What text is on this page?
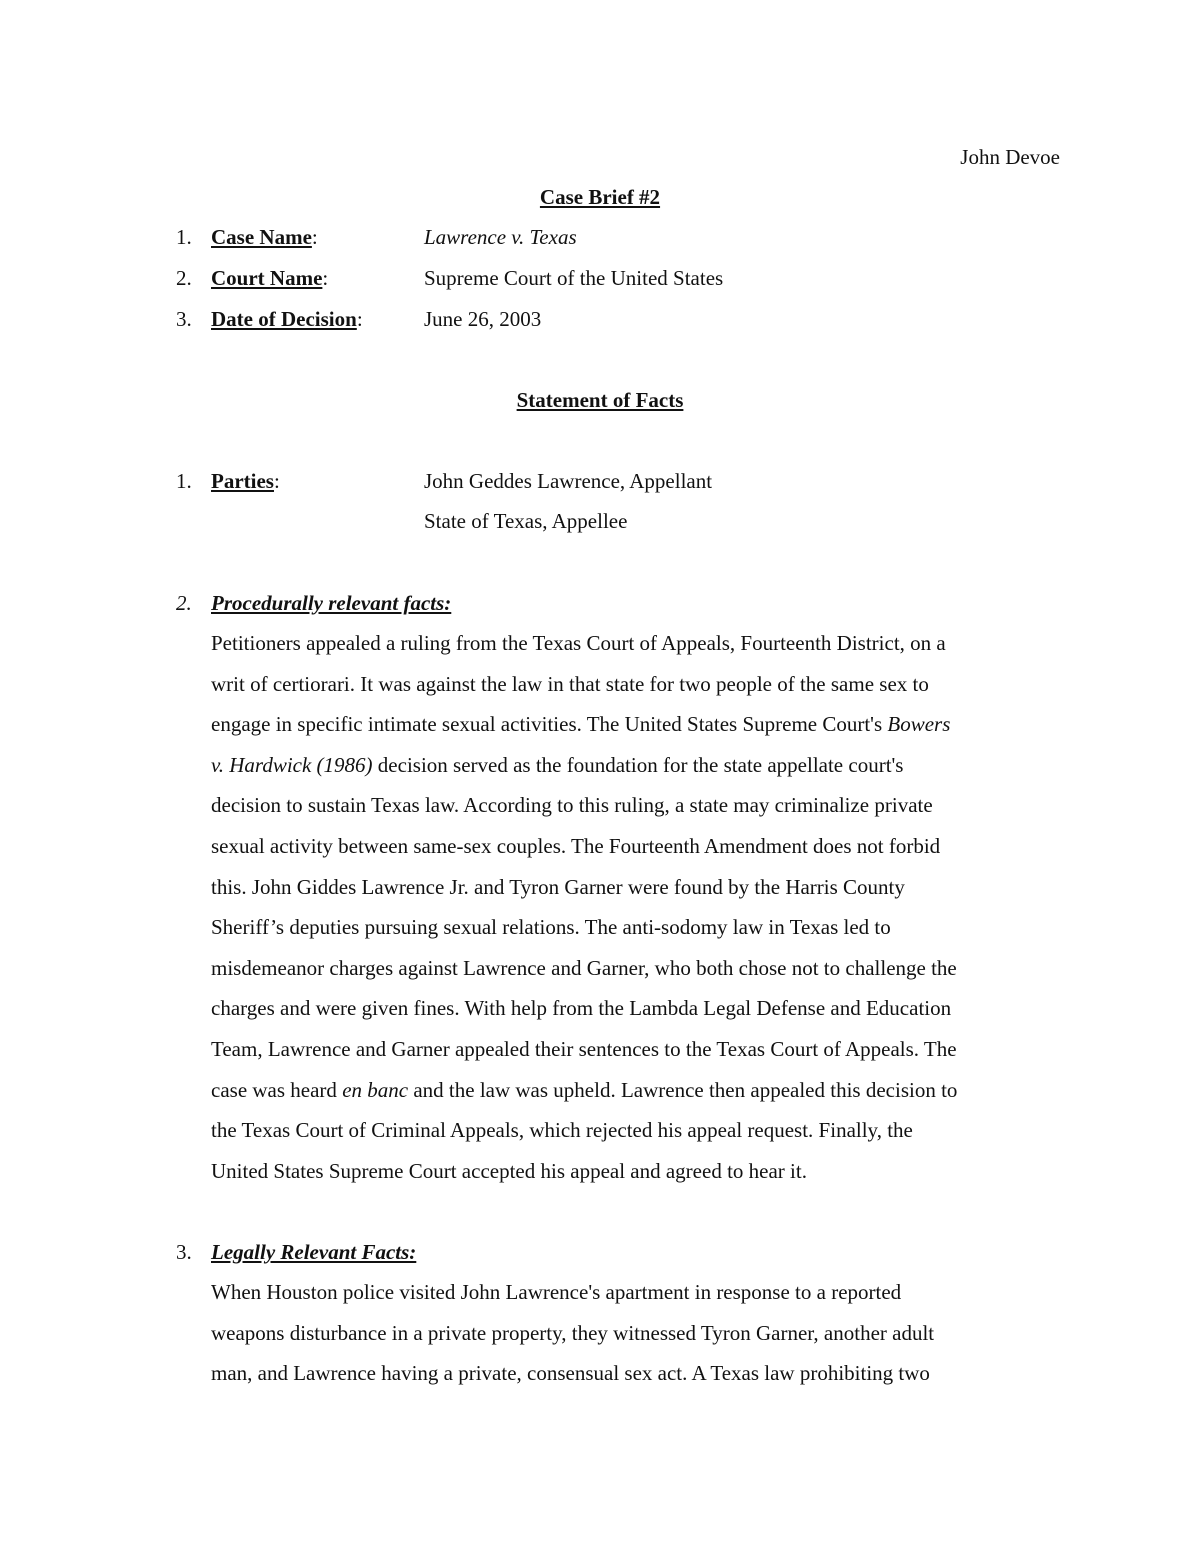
John Devoe
Case Brief #2
1. Case Name:	Lawrence v. Texas
2. Court Name:	Supreme Court of the United States
3. Date of Decision:	June 26, 2003
Statement of Facts
1. Parties:	John Geddes Lawrence, Appellant
State of Texas, Appellee
2. Procedurally relevant facts:
Petitioners appealed a ruling from the Texas Court of Appeals, Fourteenth District, on a
writ of certiorari. It was against the law in that state for two people of the same sex to
engage in specific intimate sexual activities. The United States Supreme Court's Bowers
v. Hardwick (1986) decision served as the foundation for the state appellate court's
decision to sustain Texas law. According to this ruling, a state may criminalize private
sexual activity between same-sex couples. The Fourteenth Amendment does not forbid
this. John Giddes Lawrence Jr. and Tyron Garner were found by the Harris County
Sheriff’s deputies pursuing sexual relations. The anti-sodomy law in Texas led to
misdemeanor charges against Lawrence and Garner, who both chose not to challenge the
charges and were given fines. With help from the Lambda Legal Defense and Education
Team, Lawrence and Garner appealed their sentences to the Texas Court of Appeals. The
case was heard en banc and the law was upheld. Lawrence then appealed this decision to
the Texas Court of Criminal Appeals, which rejected his appeal request. Finally, the
United States Supreme Court accepted his appeal and agreed to hear it.
3. Legally Relevant Facts:
When Houston police visited John Lawrence's apartment in response to a reported
weapons disturbance in a private property, they witnessed Tyron Garner, another adult
man, and Lawrence having a private, consensual sex act. A Texas law prohibiting two
